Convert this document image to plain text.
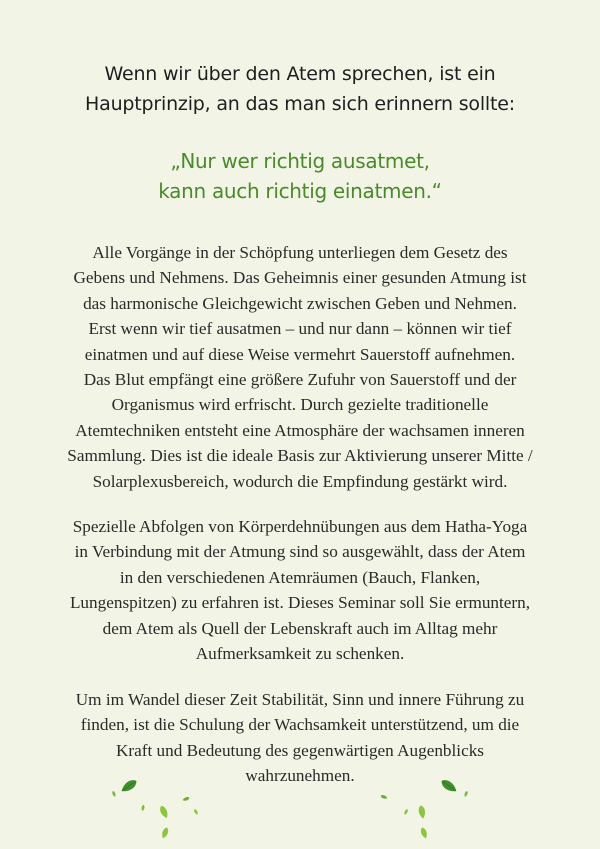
Wenn wir über den Atem sprechen, ist ein
Hauptprinzip, an das man sich erinnern sollte:
„Nur wer richtig ausatmet,
kann auch richtig einatmen.“

Alle Vorgänge in der Schöpfung unterliegen dem Gesetz des
Gebens und Nehmens. Das Geheimnis einer gesunden Atmung ist
das harmonische Gleichgewicht zwischen Geben und Nehmen.
Erst wenn wir tief ausatmen – und nur dann – können wir tief
einatmen und auf diese Weise vermehrt Sauerstoff aufnehmen.
Das Blut empfängt eine größere Zufuhr von Sauerstoff und der
Organismus wird erfrischt. Durch gezielte traditionelle
Atemtechniken entsteht eine Atmosphäre der wachsamen inneren
Sammlung. Dies ist die ideale Basis zur Aktivierung unserer Mitte /
Solarplexusbereich, wodurch die Empfindung gestärkt wird.

Spezielle Abfolgen von Körperdehnübungen aus dem Hatha-Yoga
in Verbindung mit der Atmung sind so ausgewählt, dass der Atem
in den verschiedenen Atemräumen (Bauch, Flanken,
Lungenspitzen) zu erfahren ist. Dieses Seminar soll Sie ermuntern,
dem Atem als Quell der Lebenskraft auch im Alltag mehr
Aufmerksamkeit zu schenken.

Um im Wandel dieser Zeit Stabilität, Sinn und innere Führung zu
finden, ist die Schulung der Wachsamkeit unterstützend, um die
Kraft und Bedeutung des gegenwärtigen Augenblicks
wahrzunehmen.
